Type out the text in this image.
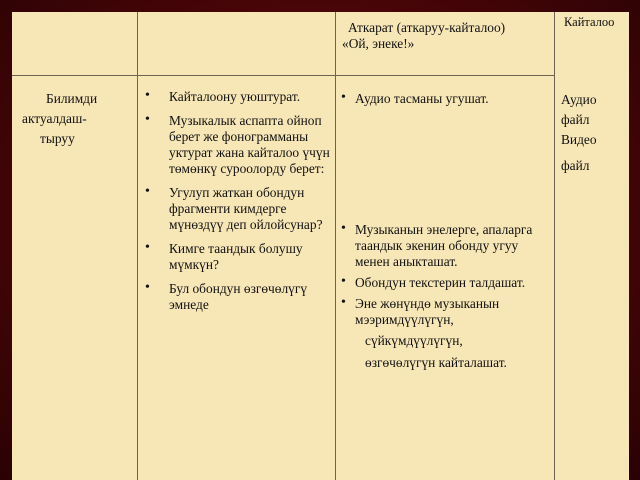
Аткарат (аткаруу-кайталоо)
«Ой, энеке!»
Кайталоо
Билимди
актуалдаш-
тыруу
• Кайталоону уюштурат.
• Музыкалык аспапта ойноп берет же фонограмманы уктурат жана кайталоо үчүн төмөнкү суроолорду берет:
• Угулуп жаткан обондун фрагменти кимдерге мүнөздүү деп ойлойсунар?
• Кимге таандык болушу мүмкүн?
• Бул обондун өзгөчөлүгү эмнеде
• Аудио тасманы угушат.
• Музыканын энелерге, апаларга таандык экенин обонду угуу менен аныкташат.
• Обондун текстерин талдашат.
• Эне жөнүндө музыканын мээримдүүлүгүн,
сүйкүмдүүлүгүн,
өзгөчөлүгүн кайталашат.
Аудио
файл
Видео
файл
